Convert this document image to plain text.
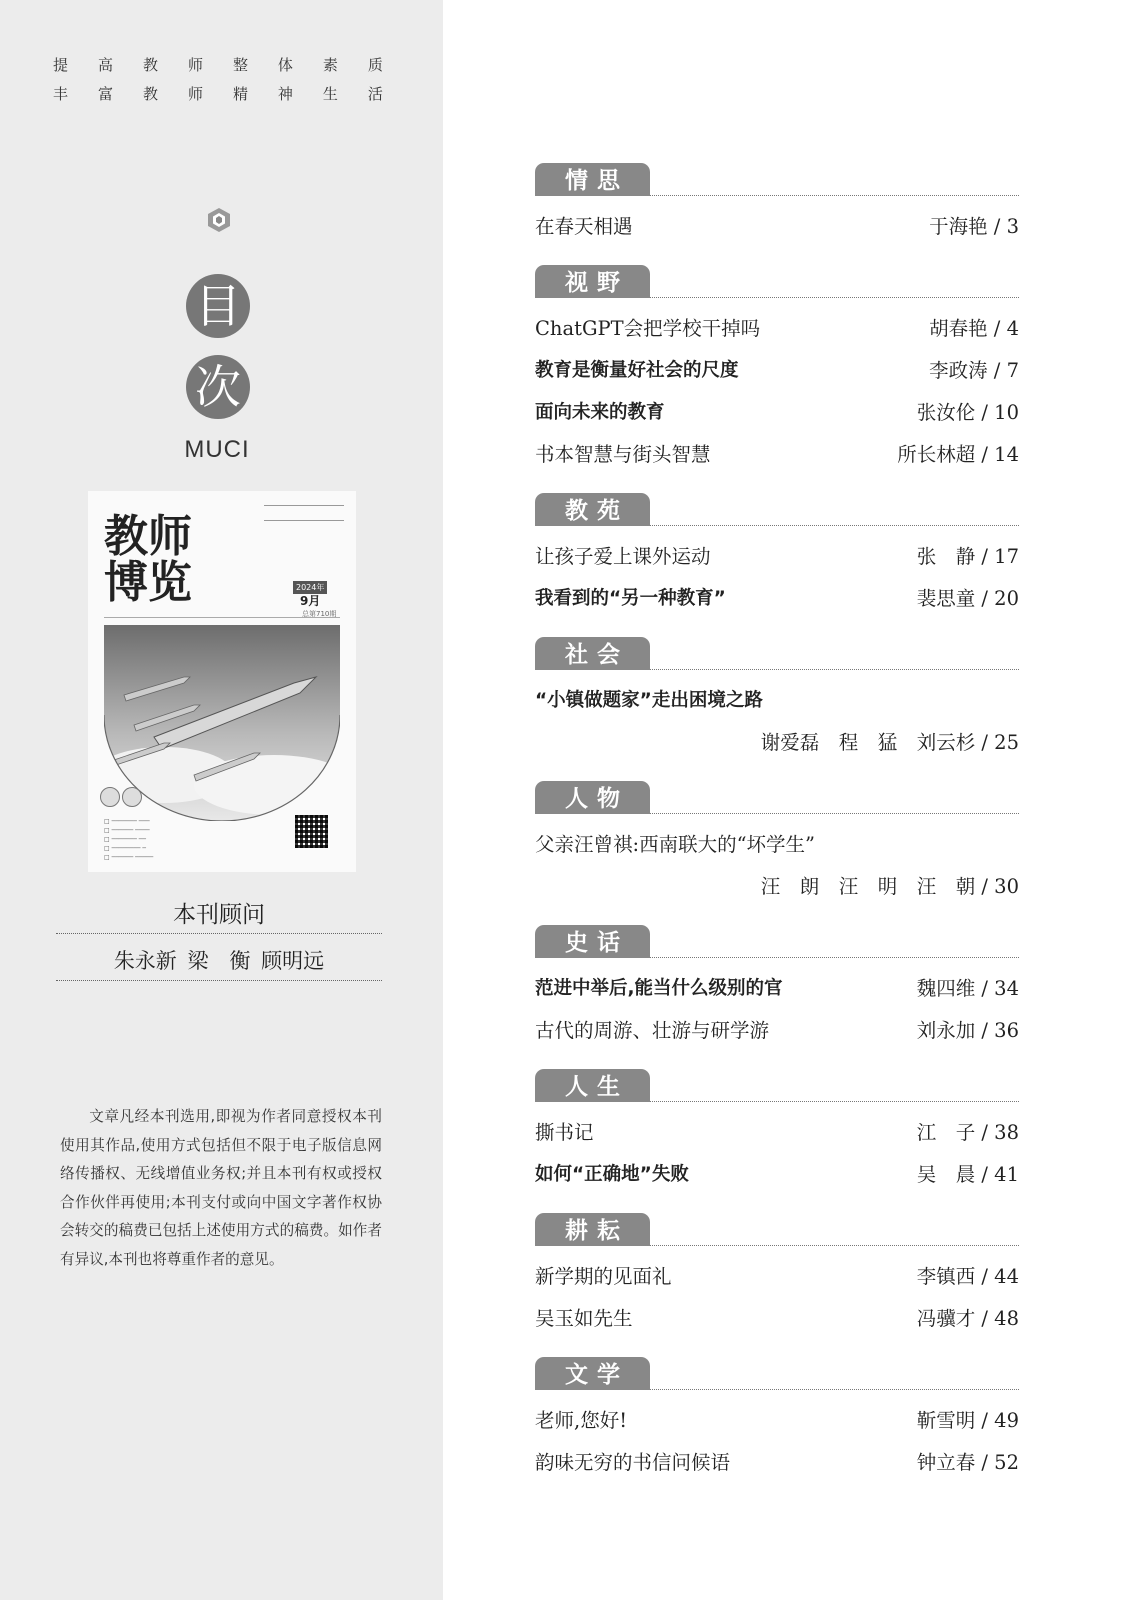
提 高 教 师 整 体 素 质
丰 富 教 师 精 神 生 活
目
次
MUCI
教师
博览	2024年
9月
总第710期
□ ─────── ───
□ ────── ────
□ ─────── ──
□ ──────── ─
□ ────── ─────
本刊顾问
朱永新 梁　衡 顾明远
文章凡经本刊选用,即视为作者同意授权本刊使用其作品,使用方式包括但不限于电子版信息网络传播权、无线增值业务权;并且本刊有权或授权合作伙伴再使用;本刊支付或向中国文字著作权协会转交的稿费已包括上述使用方式的稿费。如作者有异议,本刊也将尊重作者的意见。
情思
在春天相遇	于海艳 / 3
视野
ChatGPT会把学校干掉吗	胡春艳 / 4
教育是衡量好社会的尺度	李政涛 / 7
面向未来的教育	张汝伦 / 10
书本智慧与街头智慧	所长林超 / 14
教苑
让孩子爱上课外运动	张　静 / 17
我看到的“另一种教育”	裴思童 / 20
社会
“小镇做题家”走出困境之路
谢爱磊　程　猛　刘云杉 / 25
人物
父亲汪曾祺:西南联大的“坏学生”
汪　朗　汪　明　汪　朝 / 30
史话
范进中举后,能当什么级别的官	魏四维 / 34
古代的周游、壮游与研学游	刘永加 / 36
人生
撕书记	江　子 / 38
如何“正确地”失败	吴　晨 / 41
耕耘
新学期的见面礼	李镇西 / 44
吴玉如先生	冯骥才 / 48
文学
老师,您好!	靳雪明 / 49
韵味无穷的书信问候语	钟立春 / 52
